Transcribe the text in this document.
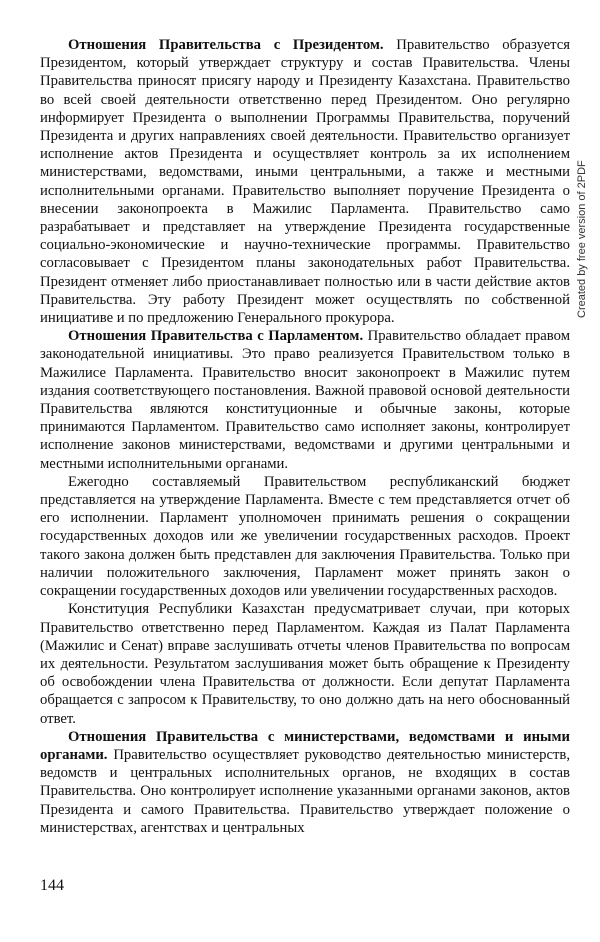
Отношения Правительства с Президентом. Правительство образуется Президентом, который утверждает структуру и состав Правительства. Члены Правительства приносят присягу народу и Президенту Казахстана. Правительство во всей своей деятельности ответственно перед Президентом. Оно регулярно информирует Президента о выполнении Программы Правительства, поручений Президента и других направлениях своей деятельности. Правительство организует исполнение актов Президента и осуществляет контроль за их исполнением министерствами, ведомствами, иными центральными, а также и местными исполнительными органами. Правительство выполняет поручение Президента о внесении законопроекта в Мажилис Парламента. Правительство само разрабатывает и представляет на утверждение Президента государственные социально-экономические и научно-технические программы. Правительство согласовывает с Президентом планы законодательных работ Правительства. Президент отменяет либо приостанавливает полностью или в части действие актов Правительства. Эту работу Президент может осуществлять по собственной инициативе и по предложению Генерального прокурора.

Отношения Правительства с Парламентом. Правительство обладает правом законодательной инициативы. Это право реализуется Правительством только в Мажилисе Парламента. Правительство вносит законопроект в Мажилис путем издания соответствующего постановления. Важной правовой основой деятельности Правительства являются конституционные и обычные законы, которые принимаются Парламентом. Правительство само исполняет законы, контролирует исполнение законов министерствами, ведомствами и другими центральными и местными исполнительными органами.

Ежегодно составляемый Правительством республиканский бюджет представляется на утверждение Парламента. Вместе с тем представляется отчет об его исполнении. Парламент уполномочен принимать решения о сокращении государственных доходов или же увеличении государственных расходов. Проект такого закона должен быть представлен для заключения Правительства. Только при наличии положительного заключения, Парламент может принять закон о сокращении государственных доходов или увеличении государственных расходов.

Конституция Республики Казахстан предусматривает случаи, при которых Правительство ответственно перед Парламентом. Каждая из Палат Парламента (Мажилис и Сенат) вправе заслушивать отчеты членов Правительства по вопросам их деятельности. Результатом заслушивания может быть обращение к Президенту об освобождении члена Правительства от должности. Если депутат Парламента обращается с запросом к Правительству, то оно должно дать на него обоснованный ответ.

Отношения Правительства с министерствами, ведомствами и иными органами. Правительство осуществляет руководство деятельностью министерств, ведомств и центральных исполнительных органов, не входящих в состав Правительства. Оно контролирует исполнение указанными органами законов, актов Президента и самого Правительства. Правительство утверждает положение о министерствах, агентствах и центральных

144
Created by free version of 2PDF
